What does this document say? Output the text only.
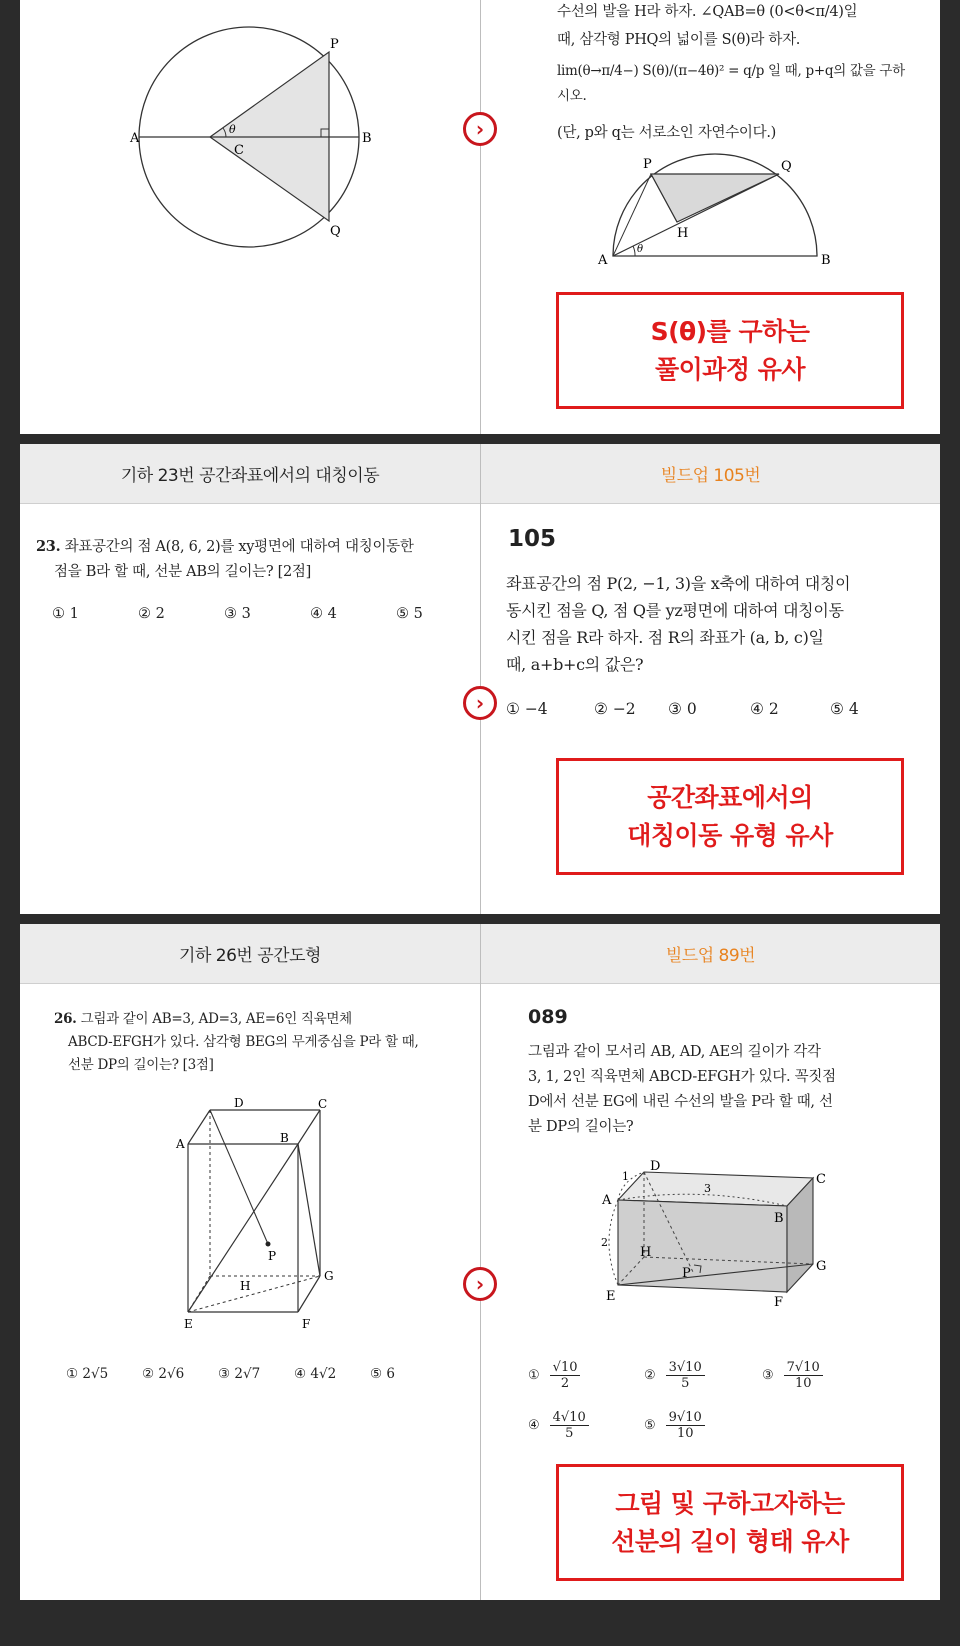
A	B
C
P
Q
θ
수선의 발을 H라 하자. ∠QAB=θ (0<θ<π/4)일
때, 삼각형 PHQ의 넓이를 S(θ)라 하자.
lim(θ→π/4−) S(θ)/(π−4θ)² = q/p 일 때, p+q의 값을 구하시오.
(단, p와 q는 서로소인 자연수이다.)
A	B
P	Q
H
θ
›
S(θ)를 구하는
풀이과정 유사
기하 23번 공간좌표에서의 대칭이동	빌드업 105번
23. 좌표공간의 점 A(8, 6, 2)를 xy평면에 대하여 대칭이동한
점을 B라 할 때, 선분 AB의 길이는? [2점]
① 1	② 2	③ 3	④ 4	⑤ 5
105
좌표공간의 점 P(2, −1, 3)을 x축에 대하여 대칭이
동시킨 점을 Q, 점 Q를 yz평면에 대하여 대칭이동
시킨 점을 R라 하자. 점 R의 좌표가 (a, b, c)일
때, a+b+c의 값은?
① −4	② −2	③ 0	④ 2	⑤ 4
›
공간좌표에서의
대칭이동 유형 유사
기하 26번 공간도형	빌드업 89번
26. 그림과 같이 AB=3, AD=3, AE=6인 직육면체
ABCD-EFGH가 있다. 삼각형 BEG의 무게중심을 P라 할 때,
선분 DP의 길이는? [3점]
D	C
A	B
P
H
G
E	F
① 2√5	② 2√6	③ 2√7	④ 4√2	⑤ 6
089
그림과 같이 모서리 AB, AD, AE의 길이가 각각
3, 1, 2인 직육면체 ABCD-EFGH가 있다. 꼭짓점
D에서 선분 EG에 내린 수선의 발을 P라 할 때, 선
분 DP의 길이는?
D
C
A
B
H
P	G
E	F
1
2
3
① $\frac{√10}{2}$	② $\frac{3√10}{5}$	③ $\frac{7√10}{10}$
④ $\frac{4√10}{5}$	⑤ $\frac{9√10}{10}$
›
그림 및 구하고자하는
선분의 길이 형태 유사
